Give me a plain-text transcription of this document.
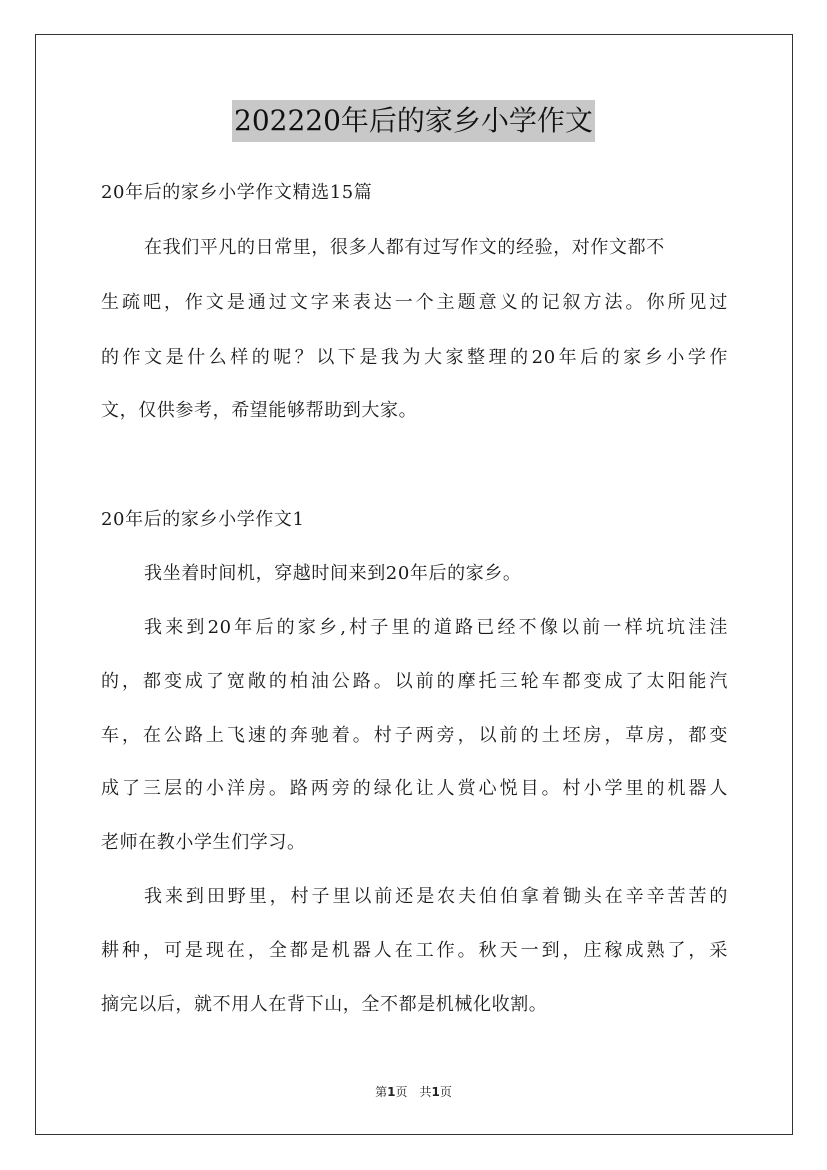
202220年后的家乡小学作文
20年后的家乡小学作文精选15篇
在我们平凡的日常里，很多人都有过写作文的经验，对作文都不
生疏吧，作文是通过文字来表达一个主题意义的记叙方法。你所见过
的作文是什么样的呢？以下是我为大家整理的20年后的家乡小学作
文，仅供参考，希望能够帮助到大家。
20年后的家乡小学作文1
我坐着时间机，穿越时间来到20年后的家乡。
我来到20年后的家乡,村子里的道路已经不像以前一样坑坑洼洼
的，都变成了宽敞的柏油公路。以前的摩托三轮车都变成了太阳能汽
车，在公路上飞速的奔驰着。村子两旁，以前的土坯房，草房，都变
成了三层的小洋房。路两旁的绿化让人赏心悦目。村小学里的机器人
老师在教小学生们学习。
我来到田野里，村子里以前还是农夫伯伯拿着锄头在辛辛苦苦的
耕种，可是现在，全都是机器人在工作。秋天一到，庄稼成熟了，采
摘完以后，就不用人在背下山，全不都是机械化收割。
第1页 共1页
